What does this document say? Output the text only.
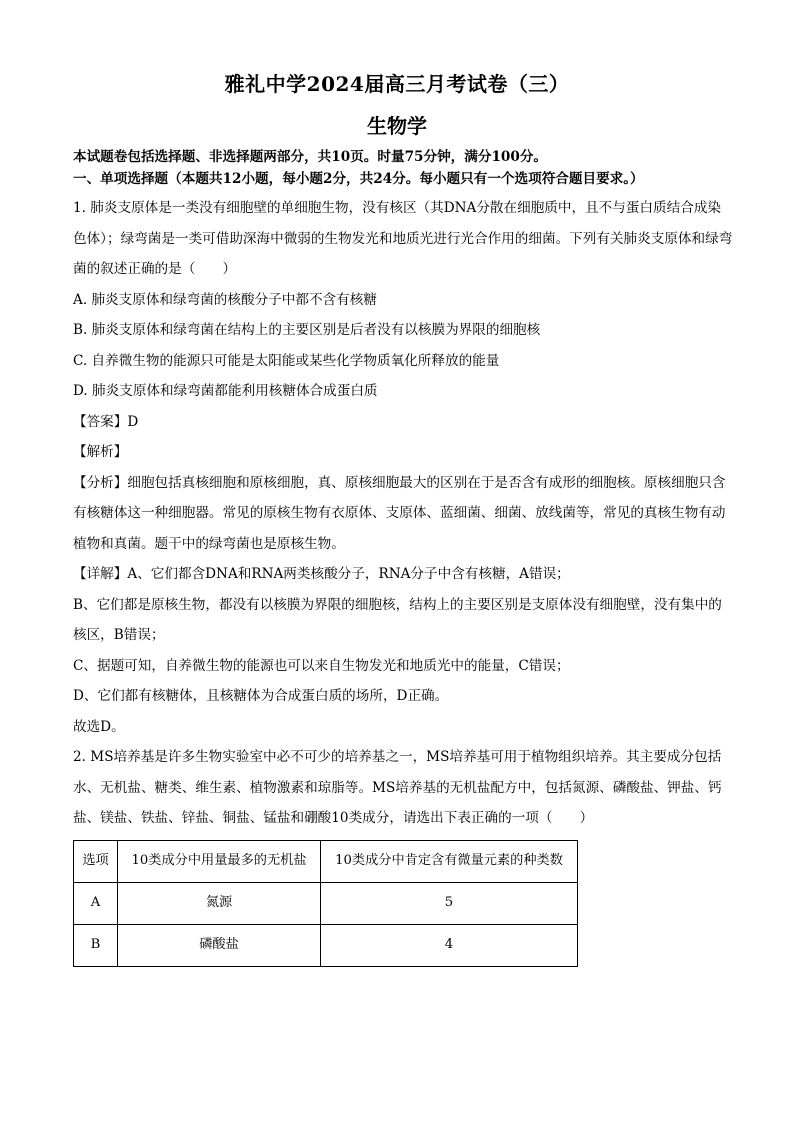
雅礼中学2024届高三月考试卷（三）
生物学

本试题卷包括选择题、非选择题两部分，共10页。时量75分钟，满分100分。

一、单项选择题（本题共12小题，每小题2分，共24分。每小题只有一个选项符合题目要求。）

1. 肺炎支原体是一类没有细胞壁的单细胞生物，没有核区（其DNA分散在细胞质中，且不与蛋白质结合成染色体）；绿弯菌是一类可借助深海中微弱的生物发光和地质光进行光合作用的细菌。下列有关肺炎支原体和绿弯菌的叙述正确的是（　　）

A. 肺炎支原体和绿弯菌的核酸分子中都不含有核糖

B. 肺炎支原体和绿弯菌在结构上的主要区别是后者没有以核膜为界限的细胞核

C. 自养微生物的能源只可能是太阳能或某些化学物质氧化所释放的能量

D. 肺炎支原体和绿弯菌都能利用核糖体合成蛋白质

【答案】D

【解析】

【分析】细胞包括真核细胞和原核细胞，真、原核细胞最大的区别在于是否含有成形的细胞核。原核细胞只含有核糖体这一种细胞器。常见的原核生物有衣原体、支原体、蓝细菌、细菌、放线菌等，常见的真核生物有动植物和真菌。题干中的绿弯菌也是原核生物。

【详解】A、它们都含DNA和RNA两类核酸分子，RNA分子中含有核糖，A错误；

B、它们都是原核生物，都没有以核膜为界限的细胞核，结构上的主要区别是支原体没有细胞壁，没有集中的核区，B错误；

C、据题可知，自养微生物的能源也可以来自生物发光和地质光中的能量，C错误；

D、它们都有核糖体，且核糖体为合成蛋白质的场所，D正确。

故选D。

2. MS培养基是许多生物实验室中必不可少的培养基之一，MS培养基可用于植物组织培养。其主要成分包括水、无机盐、糖类、维生素、植物激素和琼脂等。MS培养基的无机盐配方中，包括氮源、磷酸盐、钾盐、钙盐、镁盐、铁盐、锌盐、铜盐、锰盐和硼酸10类成分，请选出下表正确的一项（　　）

选项	10类成分中用量最多的无机盐	10类成分中肯定含有微量元素的种类数
A	氮源	5
B	磷酸盐	4
